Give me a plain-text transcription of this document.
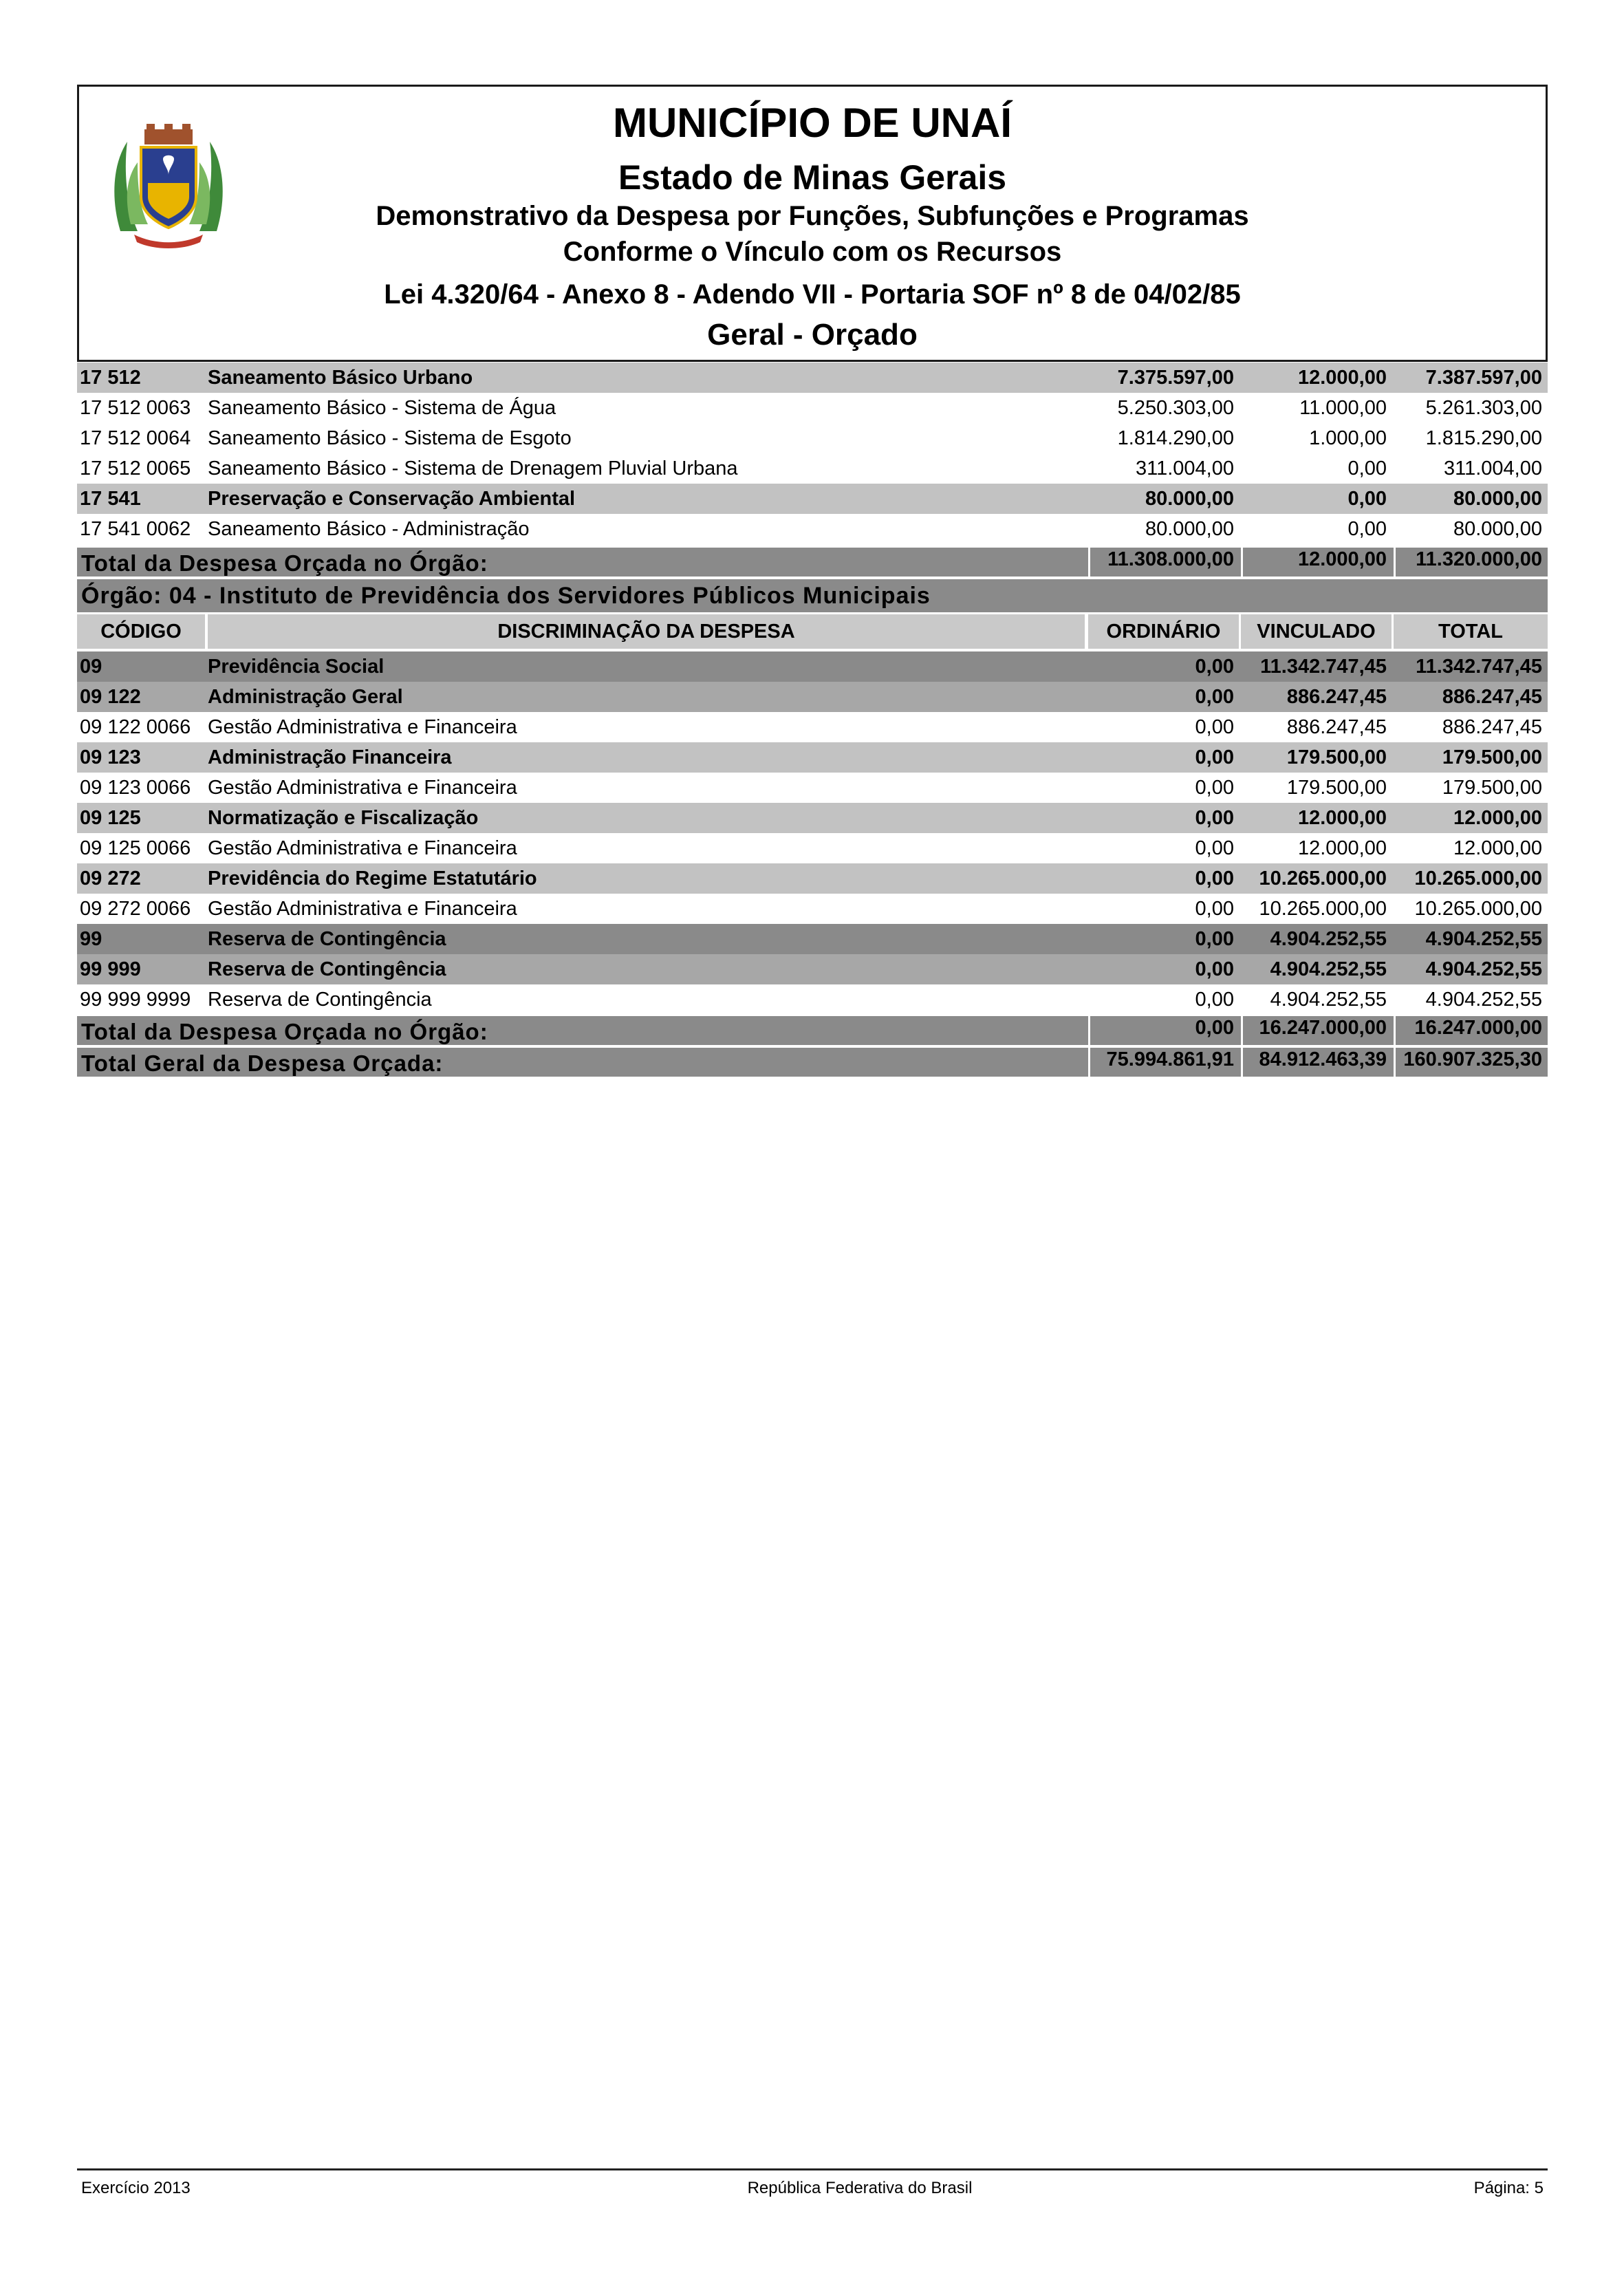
MUNICÍPIO DE UNAÍ
Estado de Minas Gerais
Demonstrativo da Despesa por Funções, Subfunções e Programas
Conforme o Vínculo com os Recursos
Lei 4.320/64 - Anexo 8 - Adendo VII - Portaria SOF nº 8 de 04/02/85
Geral - Orçado
17 512	Saneamento Básico Urbano	7.375.597,00	12.000,00	7.387.597,00
17 512 0063 Saneamento Básico - Sistema de Água	5.250.303,00	11.000,00	5.261.303,00
17 512 0064 Saneamento Básico - Sistema de Esgoto	1.814.290,00	1.000,00	1.815.290,00
17 512 0065 Saneamento Básico - Sistema de Drenagem Pluvial Urbana	311.004,00	0,00	311.004,00
17 541	Preservação e Conservação Ambiental	80.000,00	0,00	80.000,00
17 541 0062 Saneamento Básico - Administração	80.000,00	0,00	80.000,00
Total da Despesa Orçada no Órgão:	11.308.000,00	12.000,00	11.320.000,00
Órgão: 04 - Instituto de Previdência dos Servidores Públicos Municipais
CÓDIGO	DISCRIMINAÇÃO DA DESPESA	ORDINÁRIO	VINCULADO	TOTAL
09	Previdência Social	0,00	11.342.747,45	11.342.747,45
09 122	Administração Geral	0,00	886.247,45	886.247,45
09 122 0066 Gestão Administrativa e Financeira	0,00	886.247,45	886.247,45
09 123	Administração Financeira	0,00	179.500,00	179.500,00
09 123 0066 Gestão Administrativa e Financeira	0,00	179.500,00	179.500,00
09 125	Normatização e Fiscalização	0,00	12.000,00	12.000,00
09 125 0066 Gestão Administrativa e Financeira	0,00	12.000,00	12.000,00
09 272	Previdência do Regime Estatutário	0,00	10.265.000,00	10.265.000,00
09 272 0066 Gestão Administrativa e Financeira	0,00	10.265.000,00	10.265.000,00
99	Reserva de Contingência	0,00	4.904.252,55	4.904.252,55
99 999	Reserva de Contingência	0,00	4.904.252,55	4.904.252,55
99 999 9999 Reserva de Contingência	0,00	4.904.252,55	4.904.252,55
Total da Despesa Orçada no Órgão:	0,00	16.247.000,00	16.247.000,00
Total Geral da Despesa Orçada:	75.994.861,91	84.912.463,39 160.907.325,30
Exercício 2013	República Federativa do Brasil	Página: 5
